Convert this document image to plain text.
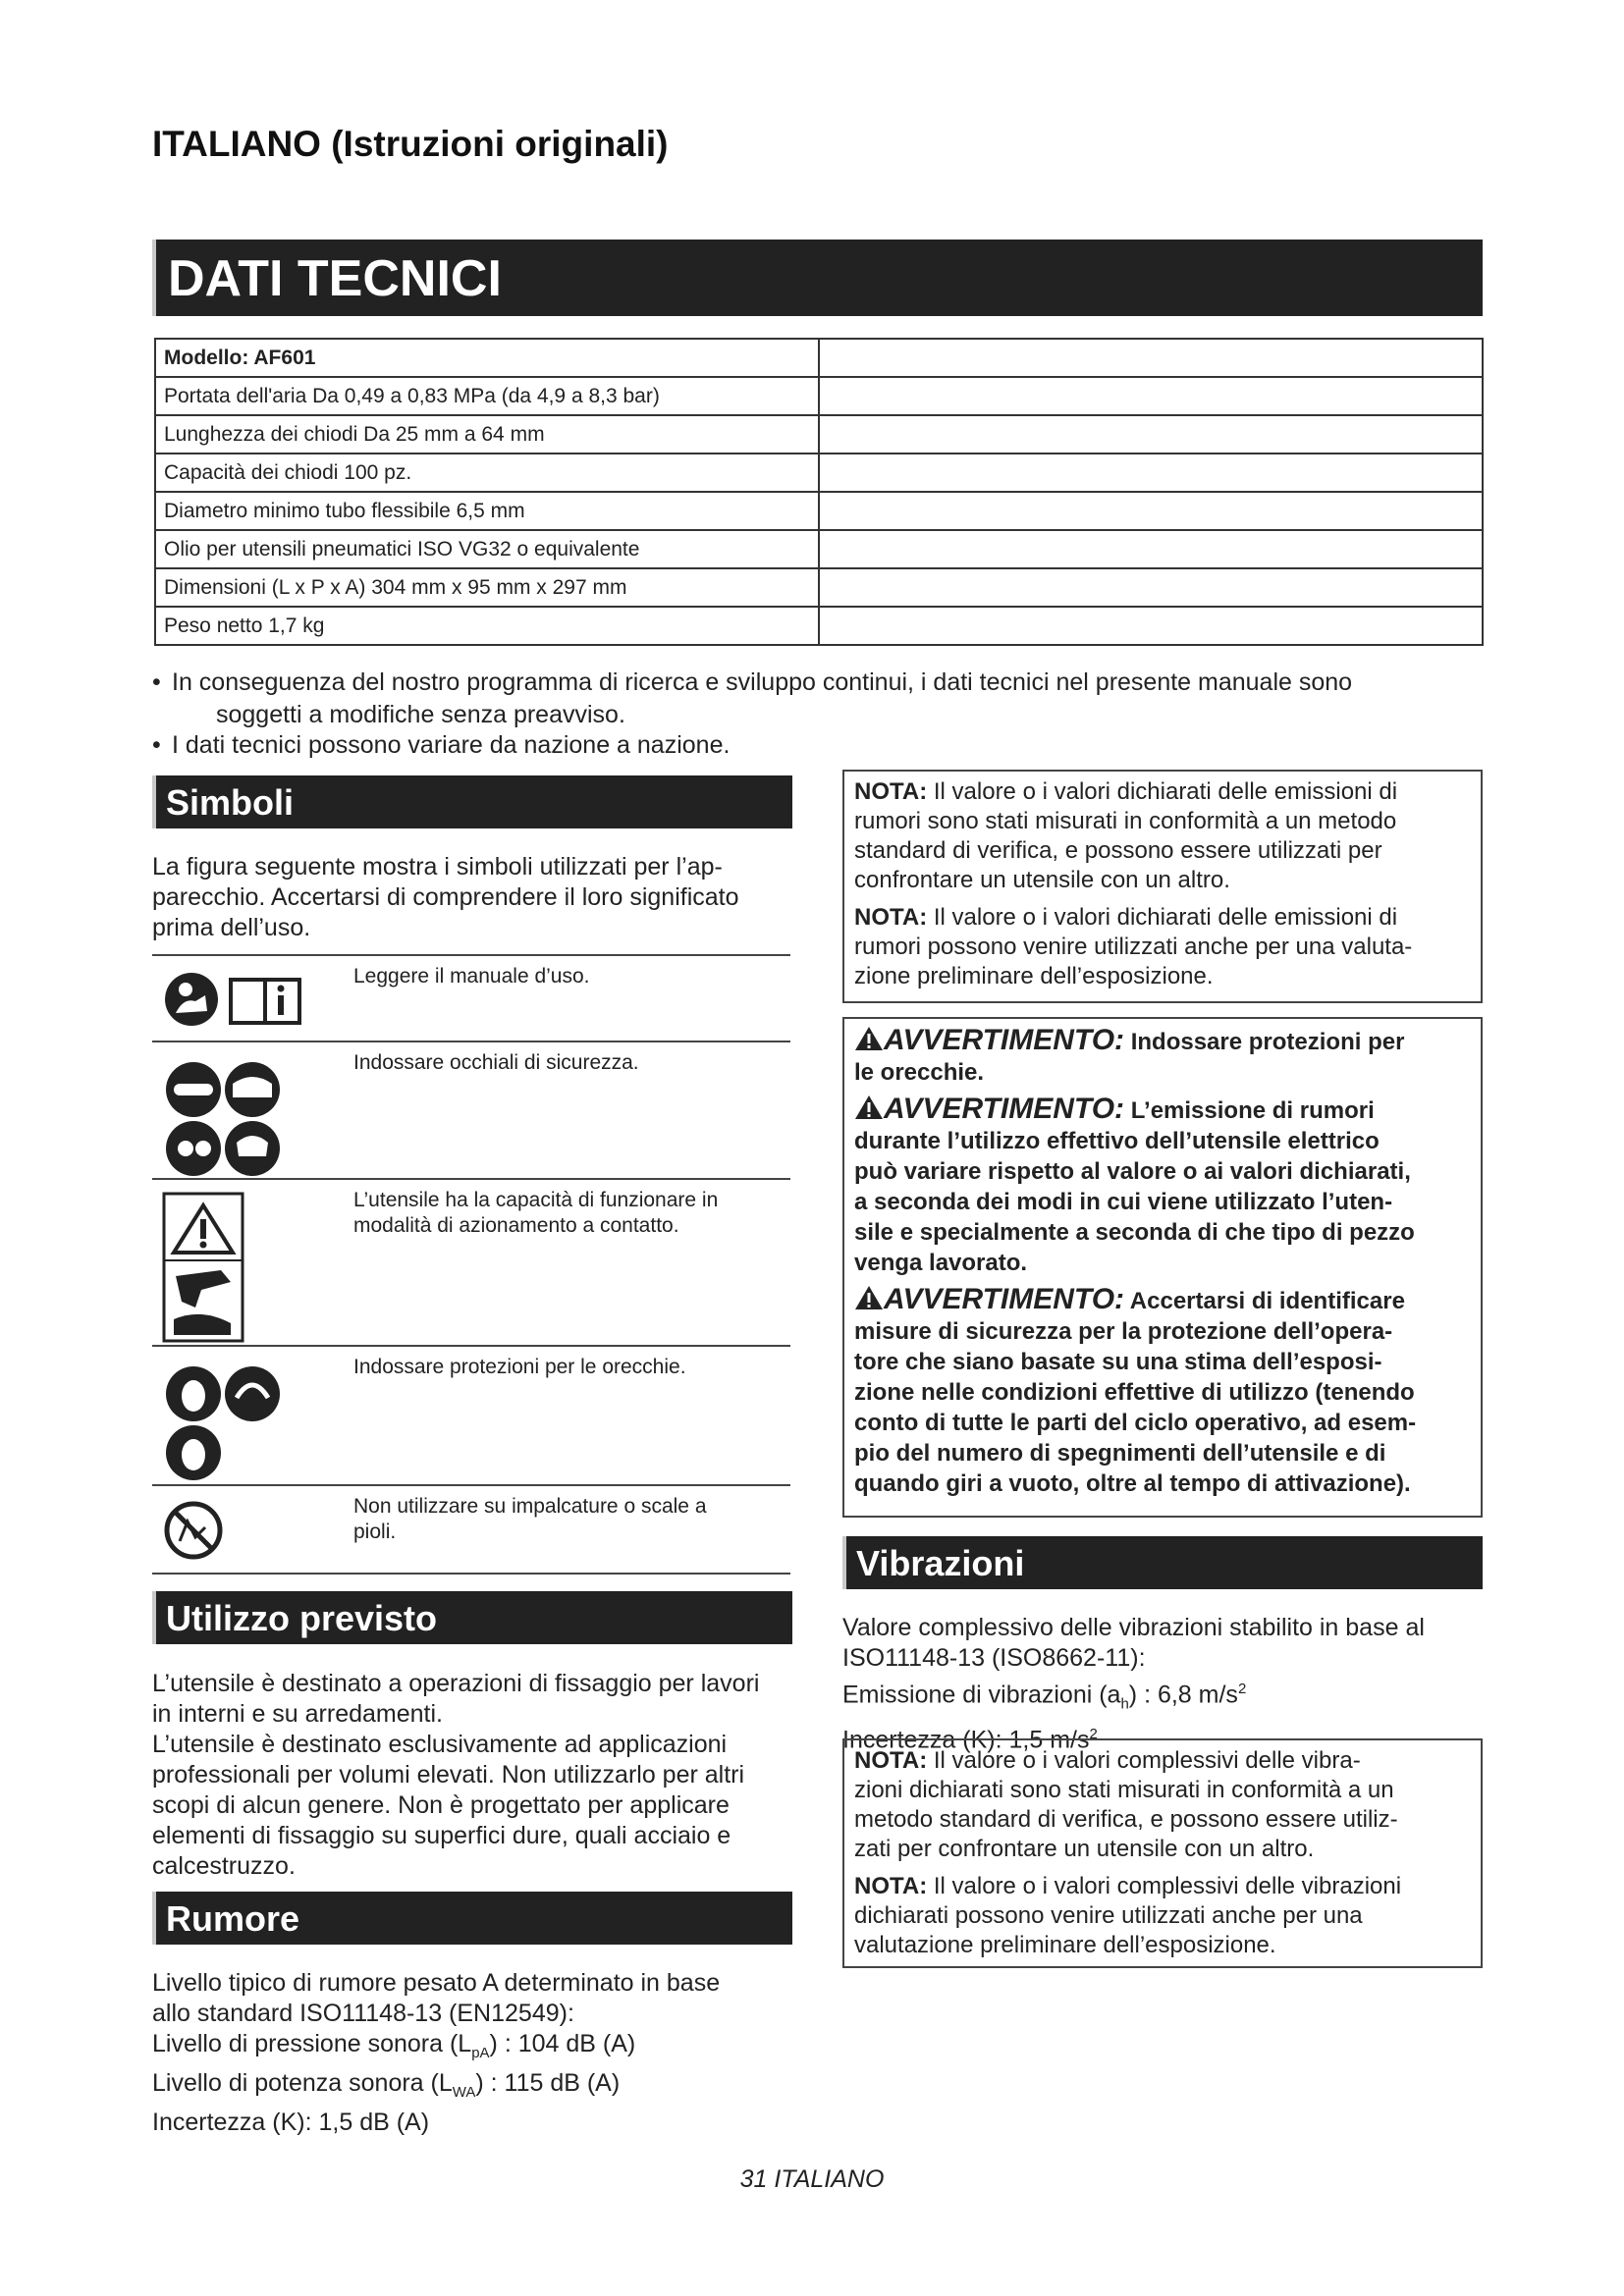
ITALIANO (Istruzioni originali)
DATI TECNICI
Modello: AF601	
Portata dell'aria Da 0,49 a 0,83 MPa (da 4,9 a 8,3 bar)	
Lunghezza dei chiodi Da 25 mm a 64 mm	
Capacità dei chiodi 100 pz.	
Diametro minimo tubo flessibile 6,5 mm	
Olio per utensili pneumatici ISO VG32 o equivalente	
Dimensioni (L x P x A) 304 mm x 95 mm x 297 mm	
Peso netto 1,7 kg	
• In conseguenza del nostro programma di ricerca e sviluppo continui, i dati tecnici nel presente manuale sono
soggetti a modifiche senza preavviso.
• I dati tecnici possono variare da nazione a nazione.
Simboli
La figura seguente mostra i simboli utilizzati per l’ap-
parecchio. Accertarsi di comprendere il loro significato
prima dell’uso.
Leggere il manuale d’uso.
Indossare occhiali di sicurezza.
L’utensile ha la capacità di funzionare in
modalità di azionamento a contatto.
Indossare protezioni per le orecchie.
Non utilizzare su impalcature o scale a
pioli.
Utilizzo previsto
L’utensile è destinato a operazioni di fissaggio per lavori
in interni e su arredamenti.
L’utensile è destinato esclusivamente ad applicazioni
professionali per volumi elevati. Non utilizzarlo per altri
scopi di alcun genere. Non è progettato per applicare
elementi di fissaggio su superfici dure, quali acciaio e
calcestruzzo.
Rumore
Livello tipico di rumore pesato A determinato in base
allo standard ISO11148-13 (EN12549):
Livello di pressione sonora $(L_{pA})$ : 104 dB (A)
Livello di potenza sonora $(L_{WA})$ : 115 dB (A)
Incertezza (K): 1,5 dB (A)

NOTA: Il valore o i valori dichiarati delle emissioni di
rumori sono stati misurati in conformità a un metodo
standard di verifica, e possono essere utilizzati per
confrontare un utensile con un altro.

NOTA: Il valore o i valori dichiarati delle emissioni di
rumori possono venire utilizzati anche per una valuta-
zione preliminare dell’esposizione.

AVVERTIMENTO: Indossare protezioni per
le orecchie.

AVVERTIMENTO: L’emissione di rumori
durante l’utilizzo effettivo dell’utensile elettrico
può variare rispetto al valore o ai valori dichiarati,
a seconda dei modi in cui viene utilizzato l’uten-
sile e specialmente a seconda di che tipo di pezzo
venga lavorato.

AVVERTIMENTO: Accertarsi di identificare
misure di sicurezza per la protezione dell’opera-
tore che siano basate su una stima dell’esposi-
zione nelle condizioni effettive di utilizzo (tenendo
conto di tutte le parti del ciclo operativo, ad esem-
pio del numero di spegnimenti dell’utensile e di
quando giri a vuoto, oltre al tempo di attivazione).

Vibrazioni
Valore complessivo delle vibrazioni stabilito in base al
ISO11148-13 (ISO8662-11):
Emissione di vibrazioni $(a_h)$ : 6,8 $m/s^2$
Incertezza (K): 1,5 $m/s^2$

NOTA: Il valore o i valori complessivi delle vibra-
zioni dichiarati sono stati misurati in conformità a un
metodo standard di verifica, e possono essere utiliz-
zati per confrontare un utensile con un altro.

NOTA: Il valore o i valori complessivi delle vibrazioni
dichiarati possono venire utilizzati anche per una
valutazione preliminare dell’esposizione.

31 ITALIANO
